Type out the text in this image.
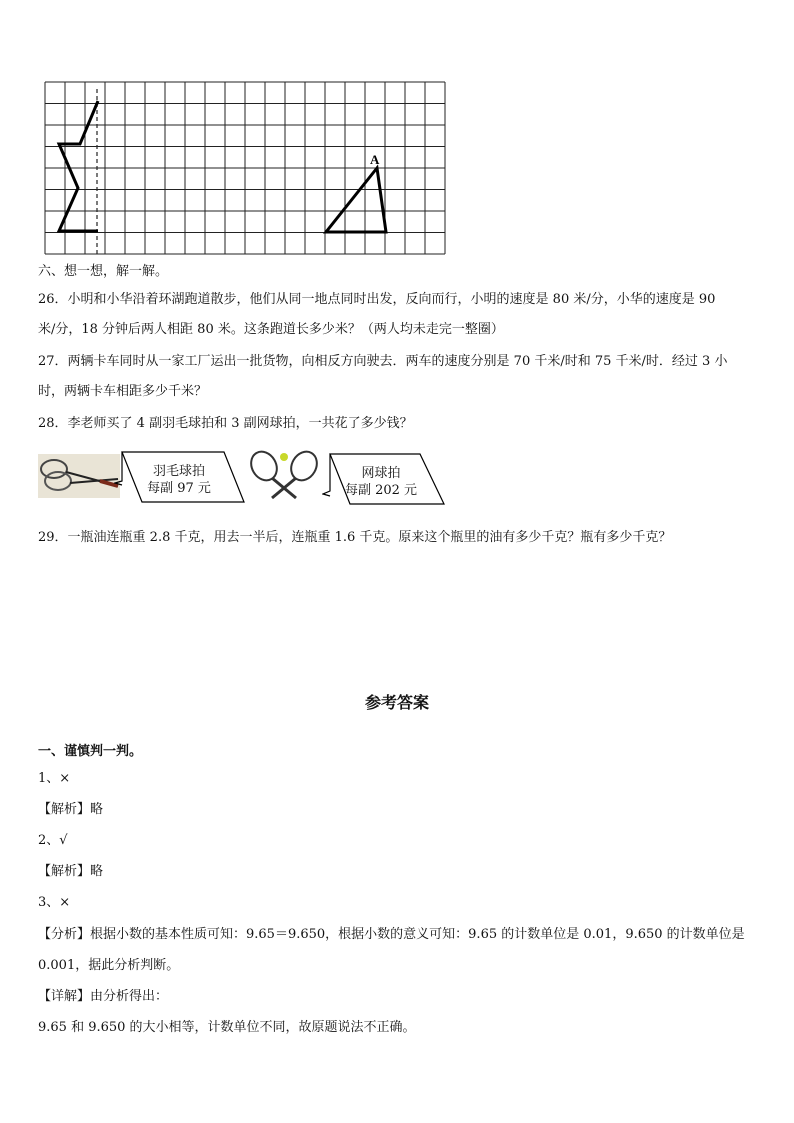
A
六、想一想，解一解。
26．小明和小华沿着环湖跑道散步，他们从同一地点同时出发，反向而行，小明的速度是 80 米/分，小华的速度是 90
米/分，18 分钟后两人相距 80 米。这条跑道长多少米？（两人均未走完一整圈）
27．两辆卡车同时从一家工厂运出一批货物，向相反方向驶去．两车的速度分别是 70 千米/时和 75 千米/时．经过 3 小
时，两辆卡车相距多少千米？
28．李老师买了 4 副羽毛球拍和 3 副网球拍，一共花了多少钱？
羽毛球拍
每副 97 元
网球拍
每副 202 元
29．一瓶油连瓶重 2.8 千克，用去一半后，连瓶重 1.6 千克。原来这个瓶里的油有多少千克？瓶有多少千克？
参考答案
一、谨慎判一判。
1、×
【解析】略
2、√
【解析】略
3、×
【分析】根据小数的基本性质可知：9.65＝9.650，根据小数的意义可知：9.65 的计数单位是 0.01，9.650 的计数单位是
0.001，据此分析判断。
【详解】由分析得出：
9.65 和 9.650 的大小相等，计数单位不同，故原题说法不正确。
